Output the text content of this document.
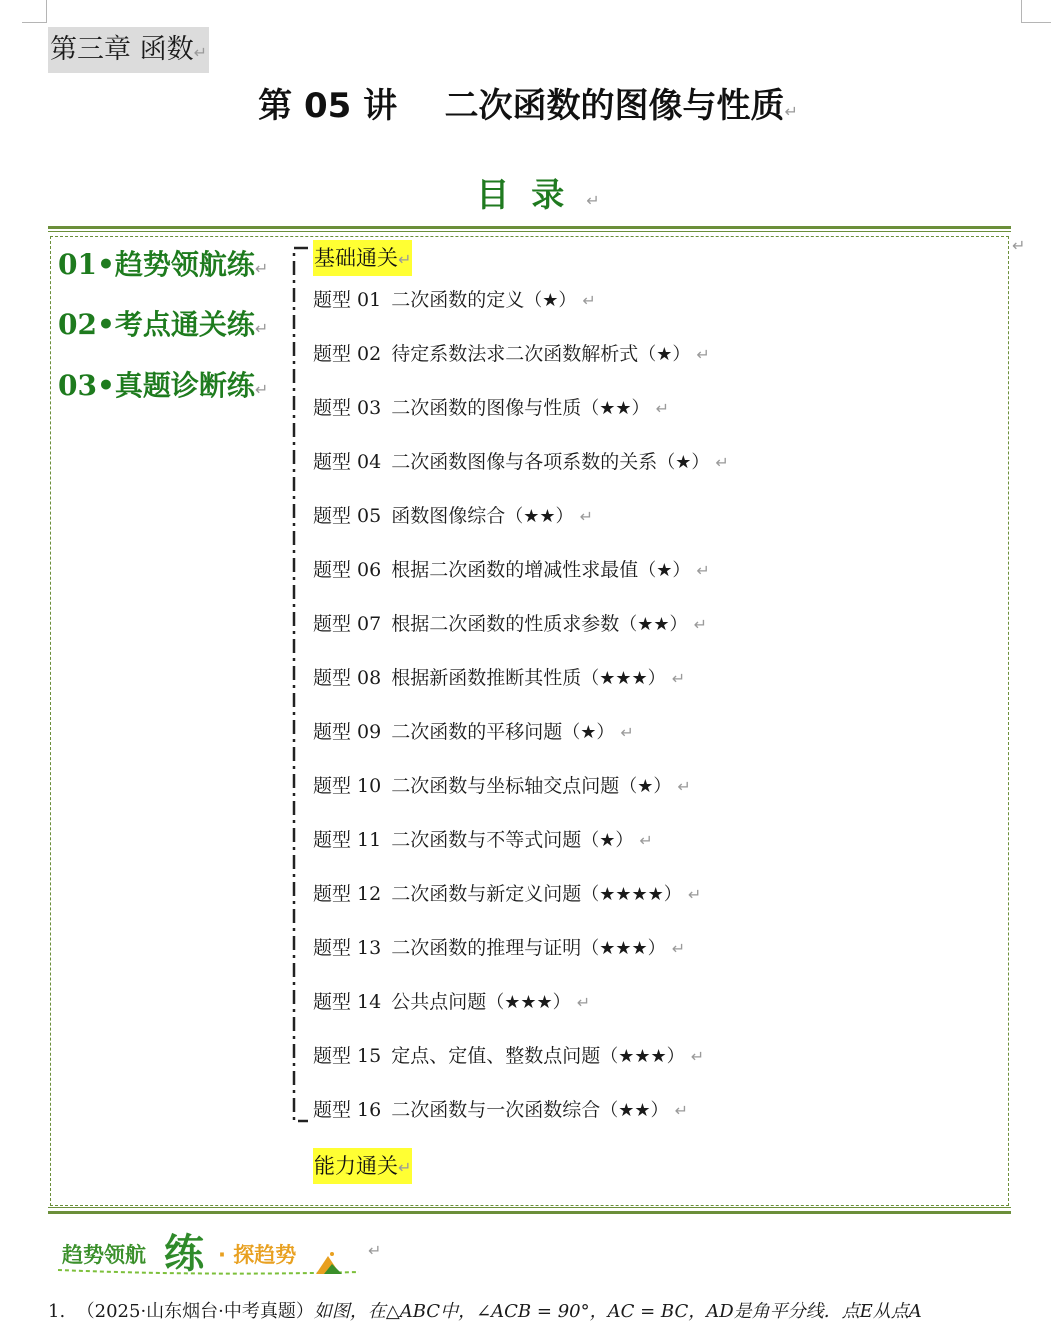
第三章 函数↵
第 05 讲    二次函数的图像与性质↵
目录↵
↵
01•趋势领航练↵
02•考点通关练↵
03•真题诊断练↵
基础通关↵
题型 01 二次函数的定义（★） ↵
题型 02 待定系数法求二次函数解析式（★） ↵
题型 03 二次函数的图像与性质（★★） ↵
题型 04 二次函数图像与各项系数的关系（★） ↵
题型 05 函数图像综合（★★） ↵
题型 06 根据二次函数的增减性求最值（★） ↵
题型 07 根据二次函数的性质求参数（★★） ↵
题型 08 根据新函数推断其性质（★★★） ↵
题型 09 二次函数的平移问题（★） ↵
题型 10 二次函数与坐标轴交点问题（★） ↵
题型 11 二次函数与不等式问题（★） ↵
题型 12 二次函数与新定义问题（★★★★） ↵
题型 13 二次函数的推理与证明（★★★） ↵
题型 14 公共点问题（★★★） ↵
题型 15 定点、定值、整数点问题（★★★） ↵
题型 16 二次函数与一次函数综合（★★） ↵
能力通关↵
趋势领航 练 · 探趋势	↵
1. （2025·山东烟台·中考真题）如图，在△ABC中，∠ACB = 90°，AC = BC，AD是角平分线．点E从点A
